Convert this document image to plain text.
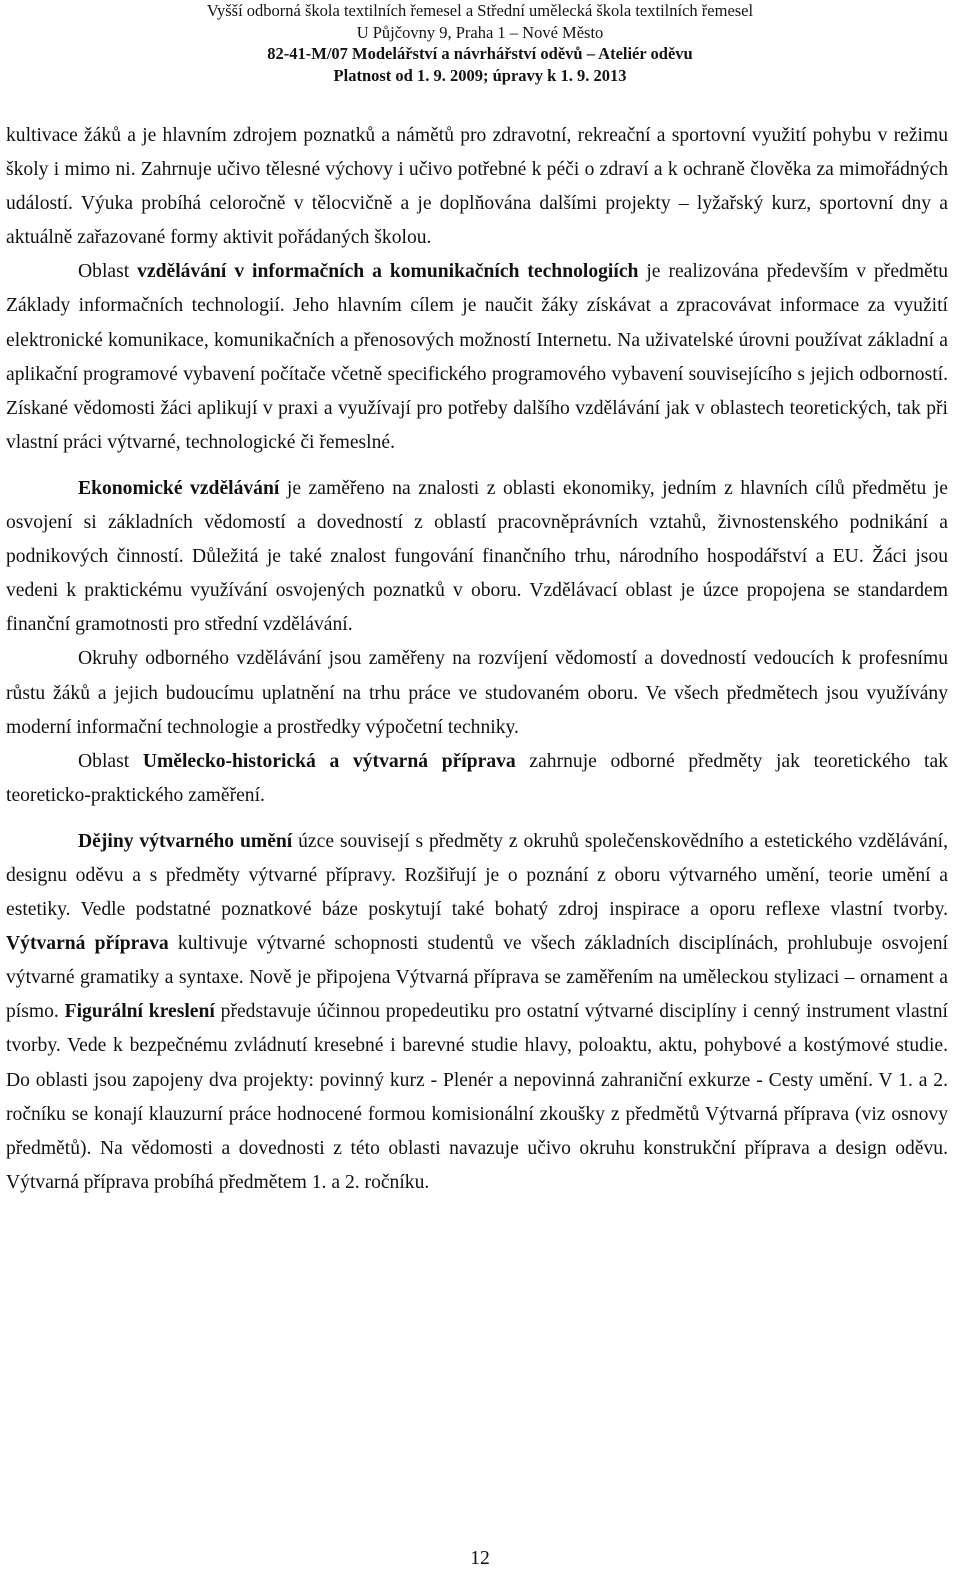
Vyšší odborná škola textilních řemesel a Střední umělecká škola textilních řemesel
U Půjčovny 9, Praha 1 – Nové Město
82-41-M/07 Modelářství a návrhářství oděvů – Ateliér oděvu
Platnost od 1. 9. 2009; úpravy k 1. 9. 2013

kultivace žáků a je hlavním zdrojem poznatků a námětů pro zdravotní, rekreační a sportovní využití pohybu v režimu školy i mimo ni. Zahrnuje učivo tělesné výchovy i učivo potřebné k péči o zdraví a k ochraně člověka za mimořádných událostí. Výuka probíhá celoročně v tělocvičně a je doplňována dalšími projekty – lyžařský kurz, sportovní dny a aktuálně zařazované formy aktivit pořádaných školou.

Oblast vzdělávání v informačních a komunikačních technologiích je realizována především v předmětu Základy informačních technologií. Jeho hlavním cílem je naučit žáky získávat a zpracovávat informace za využití elektronické komunikace, komunikačních a přenosových možností Internetu. Na uživatelské úrovni používat základní a aplikační programové vybavení počítače včetně specifického programového vybavení souvisejícího s jejich odborností. Získané vědomosti žáci aplikují v praxi a využívají pro potřeby dalšího vzdělávání jak v oblastech teoretických, tak při vlastní práci výtvarné, technologické či řemeslné.

Ekonomické vzdělávání je zaměřeno na znalosti z oblasti ekonomiky, jedním z hlavních cílů předmětu je osvojení si základních vědomostí a dovedností z oblastí pracovněprávních vztahů, živnostenského podnikání a podnikových činností. Důležitá je také znalost fungování finančního trhu, národního hospodářství a EU. Žáci jsou vedeni k praktickému využívání osvojených poznatků v oboru. Vzdělávací oblast je úzce propojena se standardem finanční gramotnosti pro střední vzdělávání.

Okruhy odborného vzdělávání jsou zaměřeny na rozvíjení vědomostí a dovedností vedoucích k profesnímu růstu žáků a jejich budoucímu uplatnění na trhu práce ve studovaném oboru. Ve všech předmětech jsou využívány moderní informační technologie a prostředky výpočetní techniky.

Oblast Umělecko-historická a výtvarná příprava zahrnuje odborné předměty jak teoretického tak teoreticko-praktického zaměření.

Dějiny výtvarného umění úzce souvisejí s předměty z okruhů společenskovědního a estetického vzdělávání, designu oděvu a s předměty výtvarné přípravy. Rozšiřují je o poznání z oboru výtvarného umění, teorie umění a estetiky. Vedle podstatné poznatkové báze poskytují také bohatý zdroj inspirace a oporu reflexe vlastní tvorby. Výtvarná příprava kultivuje výtvarné schopnosti studentů ve všech základních disciplínách, prohlubuje osvojení výtvarné gramatiky a syntaxe. Nově je připojena Výtvarná příprava se zaměřením na uměleckou stylizaci – ornament a písmo. Figurální kreslení představuje účinnou propedeutiku pro ostatní výtvarné disciplíny i cenný instrument vlastní tvorby. Vede k bezpečnému zvládnutí kresebné i barevné studie hlavy, poloaktu, aktu, pohybové a kostýmové studie. Do oblasti jsou zapojeny dva projekty: povinný kurz - Plenér a nepovinná zahraniční exkurze - Cesty umění. V 1. a 2. ročníku se konají klauzurní práce hodnocené formou komisionální zkoušky z předmětů Výtvarná příprava (viz osnovy předmětů). Na vědomosti a dovednosti z této oblasti navazuje učivo okruhu konstrukční příprava a design oděvu. Výtvarná příprava probíhá předmětem 1. a 2. ročníku.

12
